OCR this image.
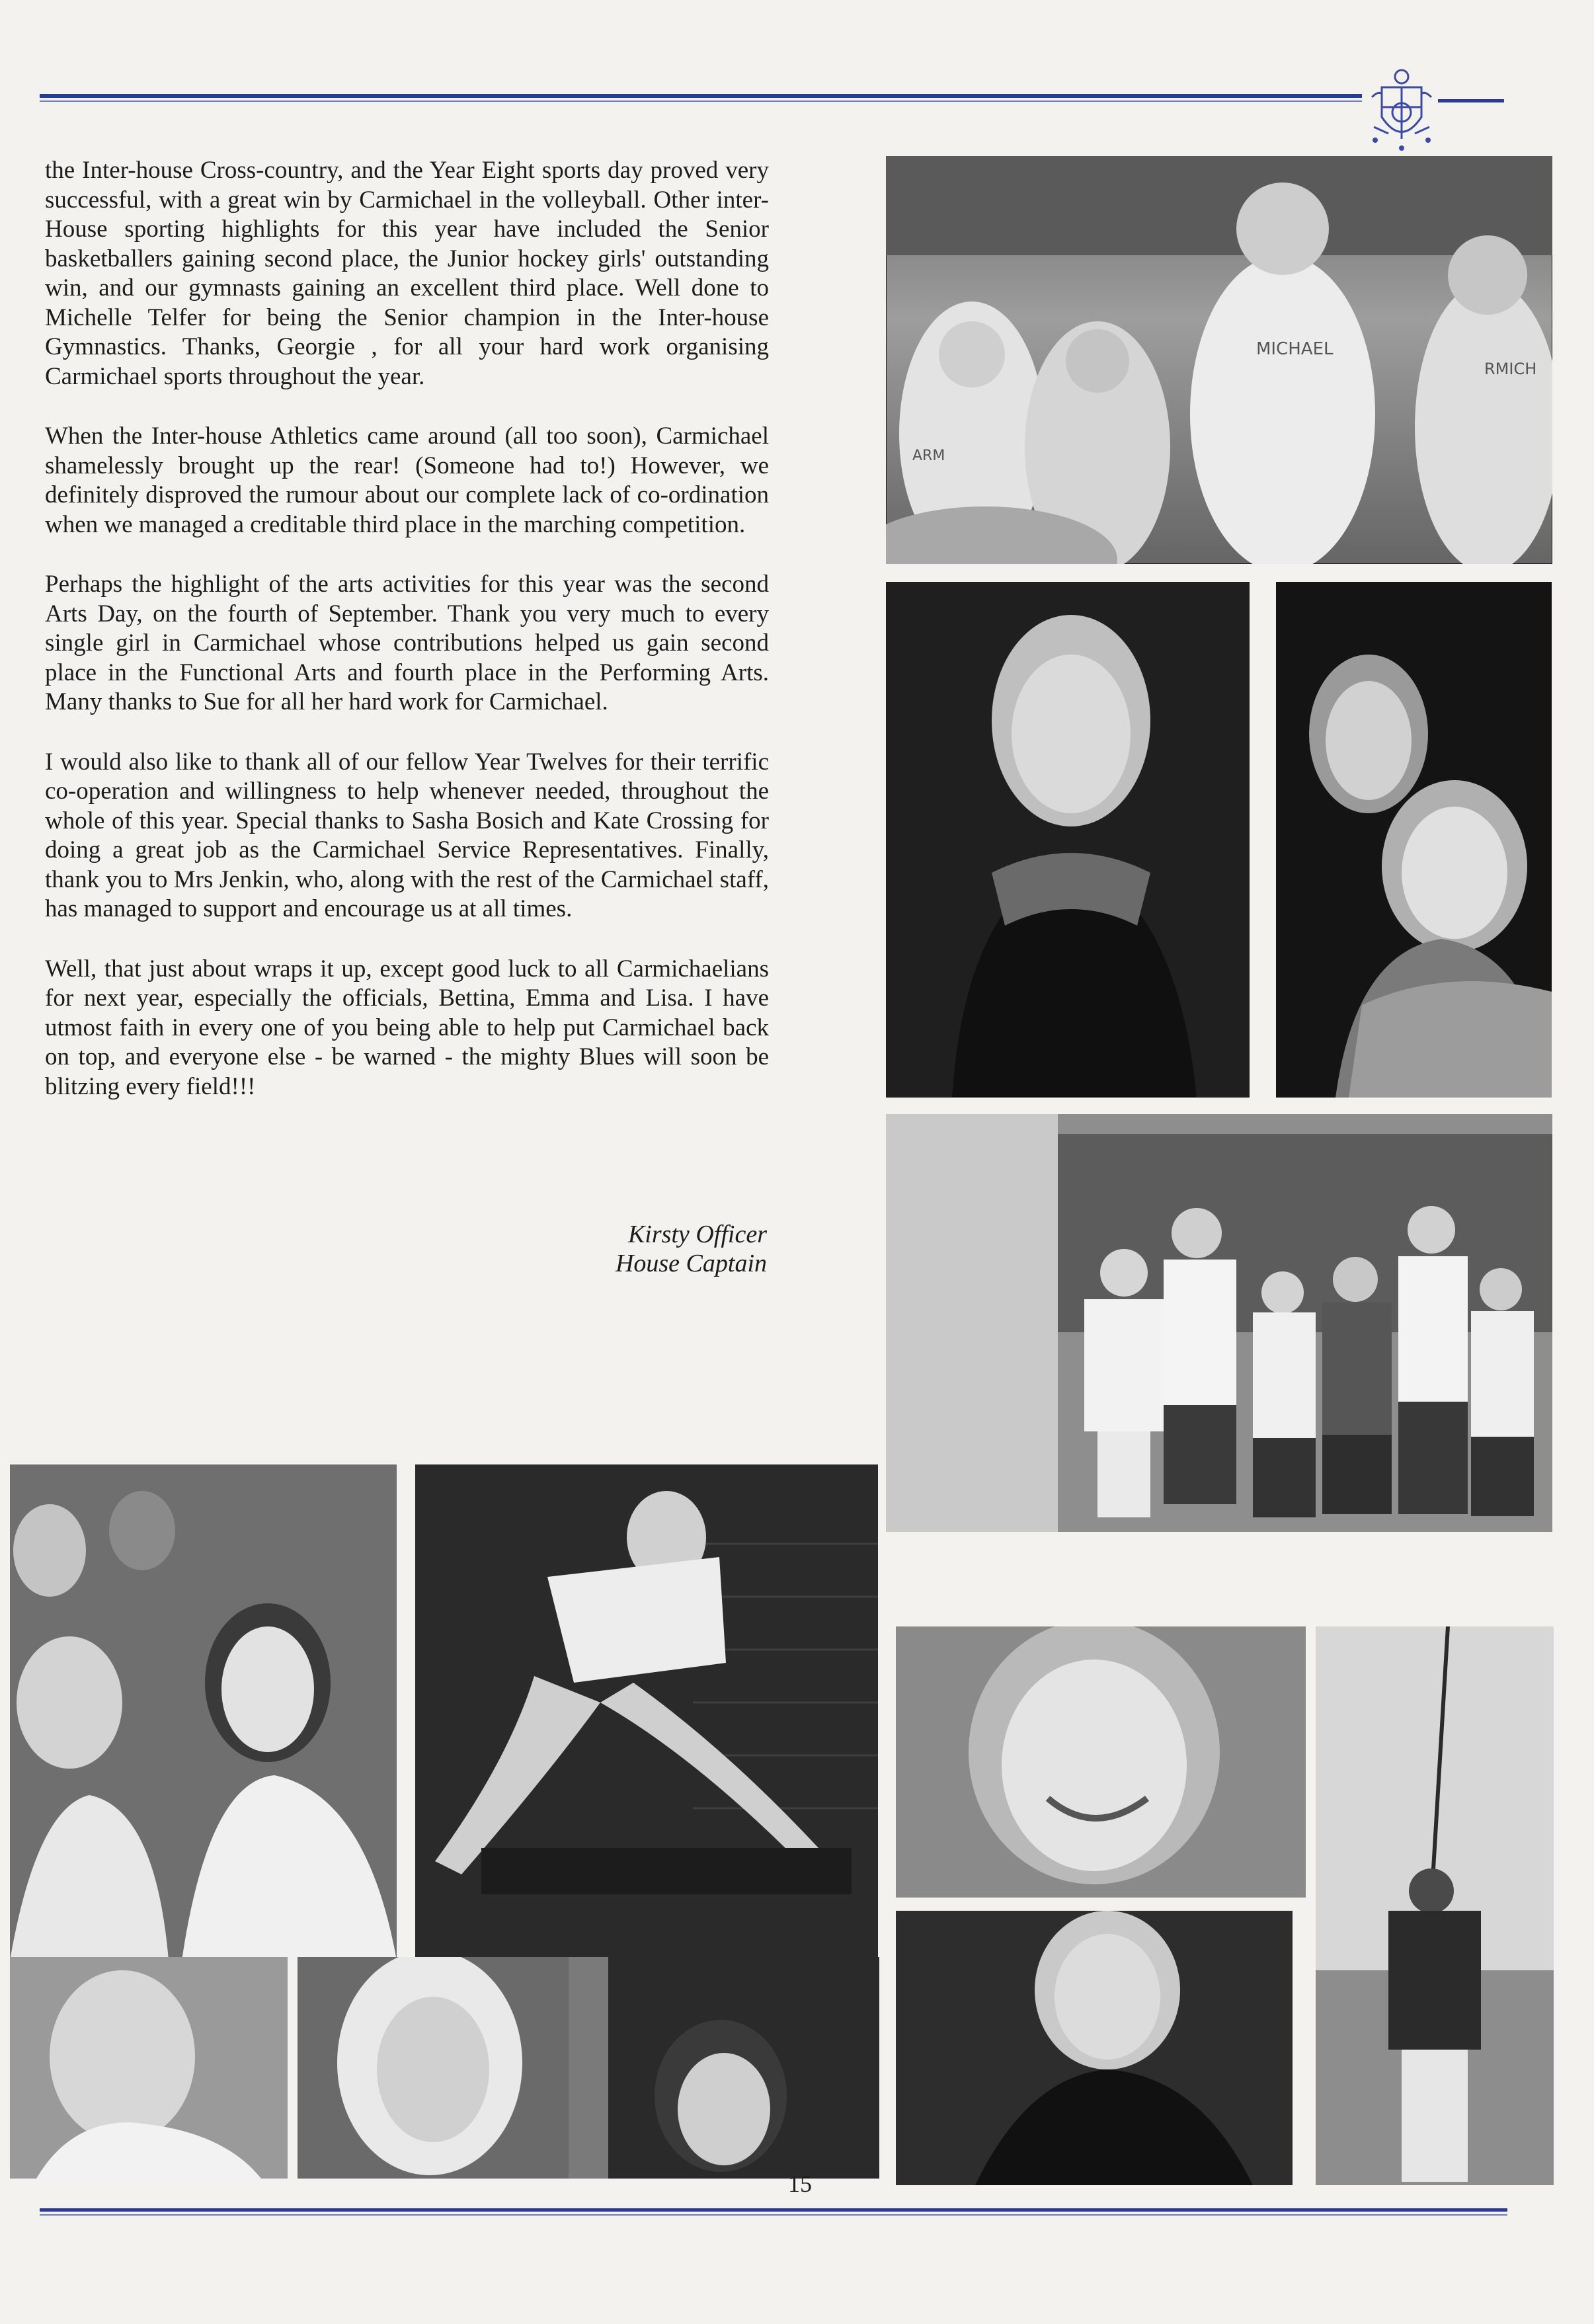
the Inter-house Cross-country, and the Year Eight sports day proved very successful, with a great win by Carmichael in the volleyball. Other inter-House sporting highlights for this year have included the Senior basketballers gaining second place, the Junior hockey girls' outstanding win, and our gymnasts gaining an excellent third place. Well done to Michelle Telfer for being the Senior champion in the Inter-house Gymnastics. Thanks, Georgie , for all your hard work organising Carmichael sports throughout the year.

When the Inter-house Athletics came around (all too soon), Carmichael shamelessly brought up the rear! (Someone had to!) However, we definitely disproved the rumour about our complete lack of co-ordination when we managed a creditable third place in the marching competition.

Perhaps the highlight of the arts activities for this year was the second Arts Day, on the fourth of September. Thank you very much to every single girl in Carmichael whose contributions helped us gain second place in the Functional Arts and fourth place in the Performing Arts. Many thanks to Sue for all her hard work for Carmichael.

I would also like to thank all of our fellow Year Twelves for their terrific co-operation and willingness to help whenever needed, throughout the whole of this year. Special thanks to Sasha Bosich and Kate Crossing for doing a great job as the Carmichael Service Representatives. Finally, thank you to Mrs Jenkin, who, along with the rest of the Carmichael staff, has managed to support and encourage us at all times.

Well, that just about wraps it up, except good luck to all Carmichaelians for next year, especially the officials, Bettina, Emma and Lisa. I have utmost faith in every one of you being able to help put Carmichael back on top, and everyone else - be warned - the mighty Blues will soon be blitzing every field!!!

Kirsty Officer
House Captain
ARM
MICHAEL
RMICH
15
